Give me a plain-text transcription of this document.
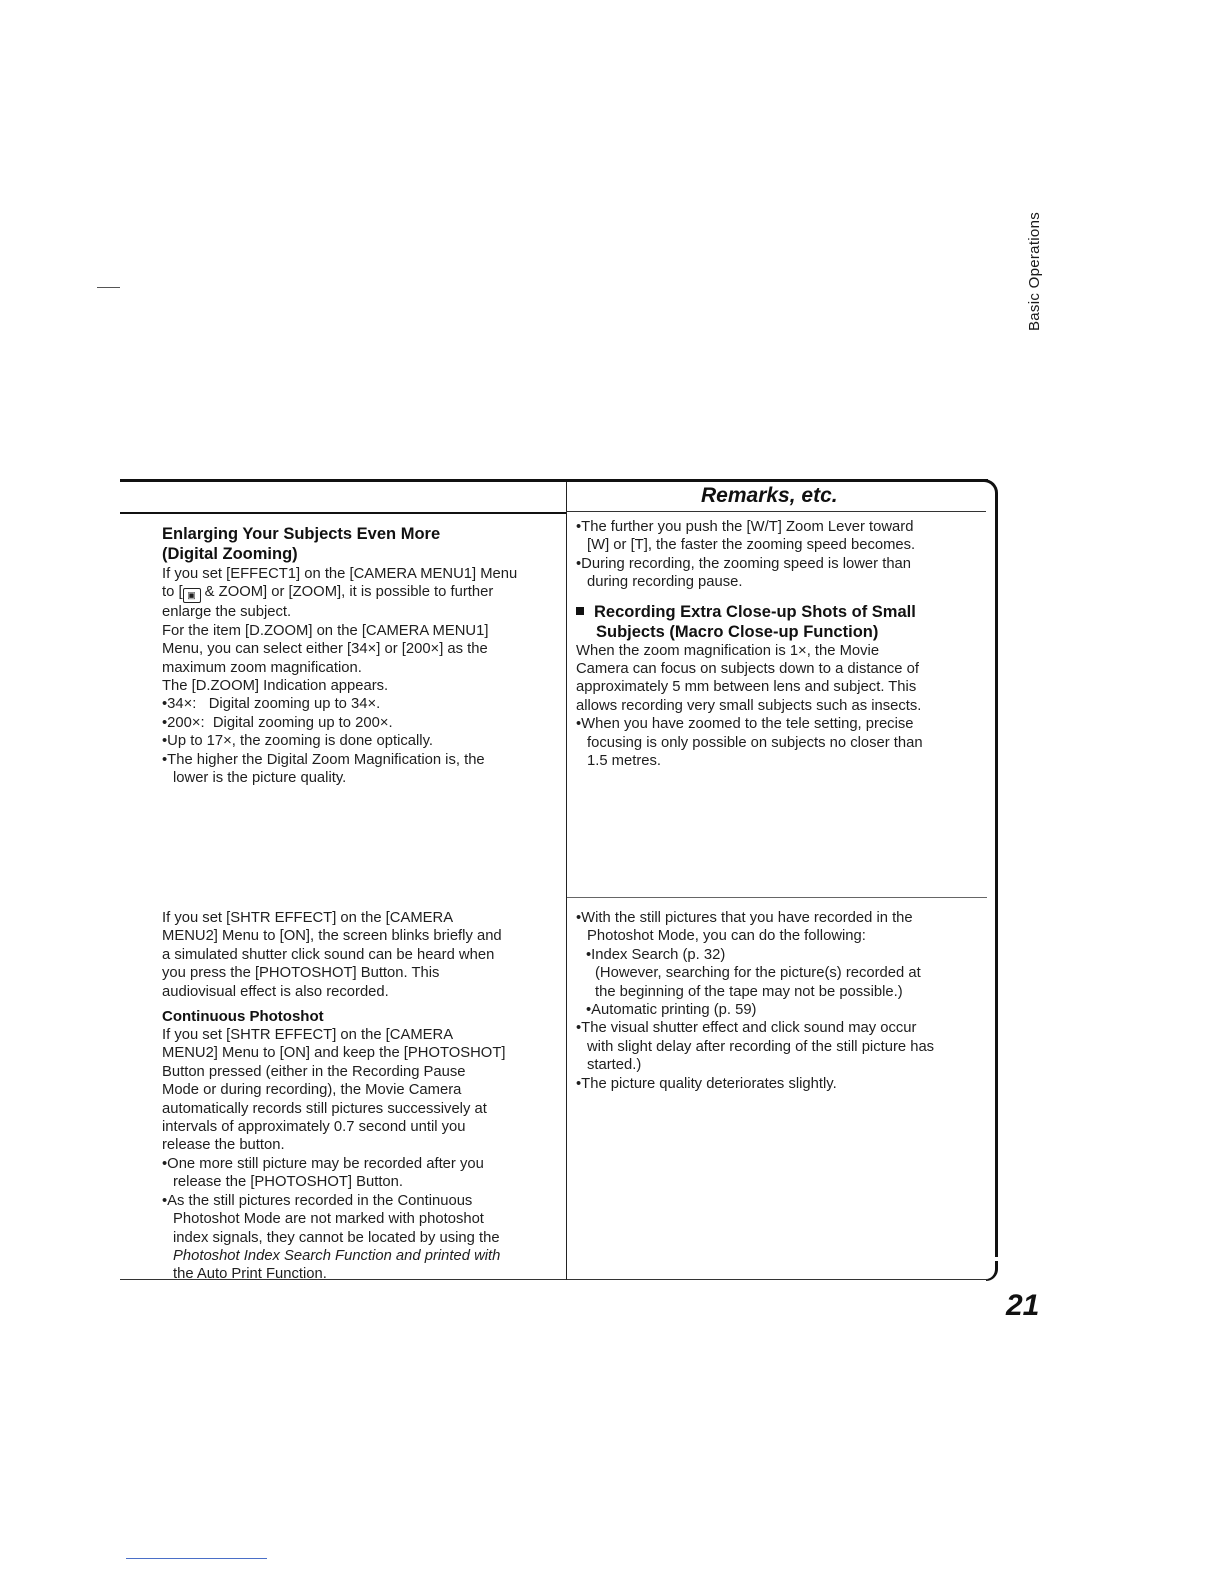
Basic Operations
Remarks, etc.

Enlarging Your Subjects Even More

(Digital Zooming)

If you set [EFFECT1] on the [CAMERA MENU1] Menu

to [ ▣ & ZOOM] or [ZOOM], it is possible to further

enlarge the subject.

For the item [D.ZOOM] on the [CAMERA MENU1]

Menu, you can select either [34×] or [200×] as the

maximum zoom magnification.

The [D.ZOOM] Indication appears.

•34×:   Digital zooming up to 34×.

•200×:  Digital zooming up to 200×.

•Up to 17×, the zooming is done optically.

•The higher the Digital Zoom Magnification is, the

lower is the picture quality.

•The further you push the [W/T] Zoom Lever toward

[W] or [T], the faster the zooming speed becomes.

•During recording, the zooming speed is lower than

during recording pause.

Recording Extra Close-up Shots of Small

Subjects (Macro Close-up Function)

When the zoom magnification is 1×, the Movie

Camera can focus on subjects down to a distance of

approximately 5 mm between lens and subject. This

allows recording very small subjects such as insects.

•When you have zoomed to the tele setting, precise

focusing is only possible on subjects no closer than

1.5 metres.

If you set [SHTR EFFECT] on the [CAMERA

MENU2] Menu to [ON], the screen blinks briefly and

a simulated shutter click sound can be heard when

you press the [PHOTOSHOT] Button. This

audiovisual effect is also recorded.

Continuous Photoshot

If you set [SHTR EFFECT] on the [CAMERA

MENU2] Menu to [ON] and keep the [PHOTOSHOT]

Button pressed (either in the Recording Pause

Mode or during recording), the Movie Camera

automatically records still pictures successively at

intervals of approximately 0.7 second until you

release the button.

•One more still picture may be recorded after you

release the [PHOTOSHOT] Button.

•As the still pictures recorded in the Continuous

Photoshot Mode are not marked with photoshot

index signals, they cannot be located by using the

Photoshot Index Search Function and printed with

the Auto Print Function.

•With the still pictures that you have recorded in the

Photoshot Mode, you can do the following:

•Index Search (p. 32)

(However, searching for the picture(s) recorded at

the beginning of the tape may not be possible.)

•Automatic printing (p. 59)

•The visual shutter effect and click sound may occur

with slight delay after recording of the still picture has

started.)

•The picture quality deteriorates slightly.

21
